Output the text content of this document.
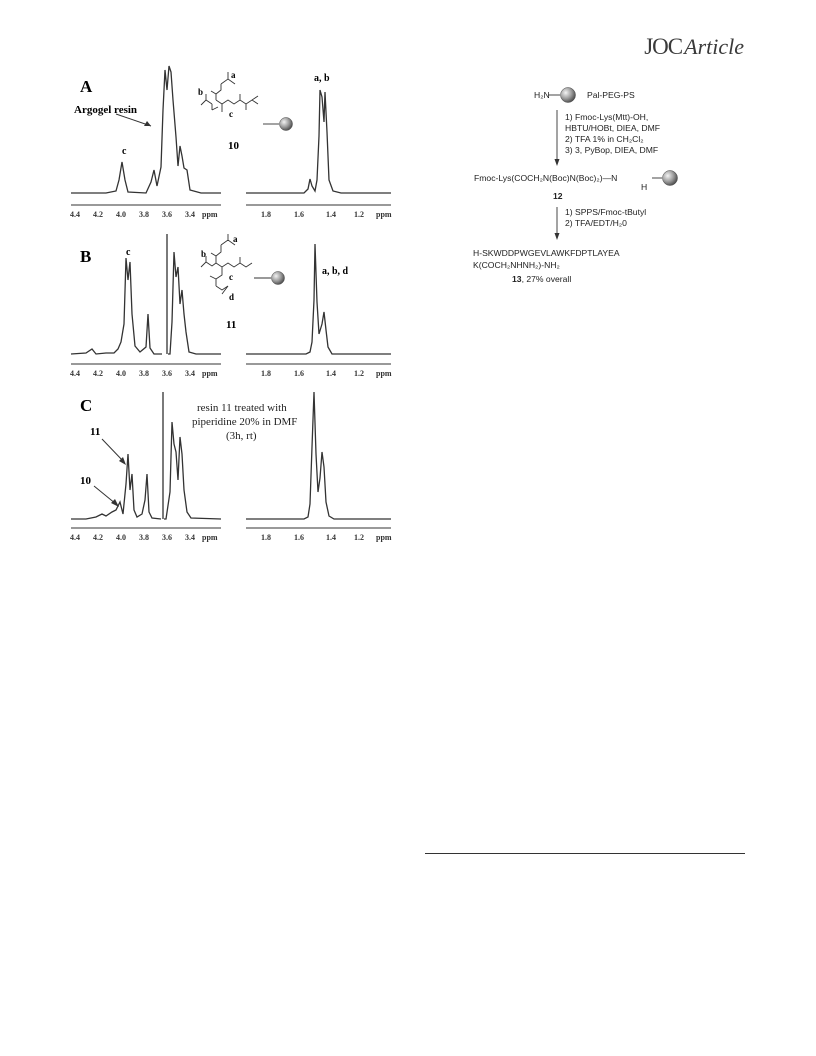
JOCArticle
A
c
a, b
Argogel resin
a
b
c
10
4.4 4.2 4.0 3.8 3.6 3.4 ppm	1.8	1.6	1.4 1.2 ppm
B	c
a, b, d
a
b
c
d
11
4.4 4.2 4.0 3.8 3.6 3.4 ppm	1.8	1.6	1.4 1.2 ppm
C	resin 11 treated with
piperidine 20% in DMF
(3h, rt)
11
10
4.4 4.2 4.0 3.8 3.6 3.4 ppm	1.8	1.6	1.4 1.2 ppm
H₂N	Pal-PEG-PS
1) Fmoc-Lys(Mtt)-OH,
HBTU/HOBt, DIEA, DMF
2) TFA 1% in CH₂Cl₂
3) 3, PyBop, DIEA, DMF
Fmoc-Lys(COCH₂N(Boc)N(Boc)₂)—N
H
12
1) SPPS/Fmoc-tButyl
2) TFA/EDT/H₂0
H-SKWDDPWGEVLAWKFDPTLAYEA
K(COCH₂NHNH₂)-NH₂
13, 27% overall
